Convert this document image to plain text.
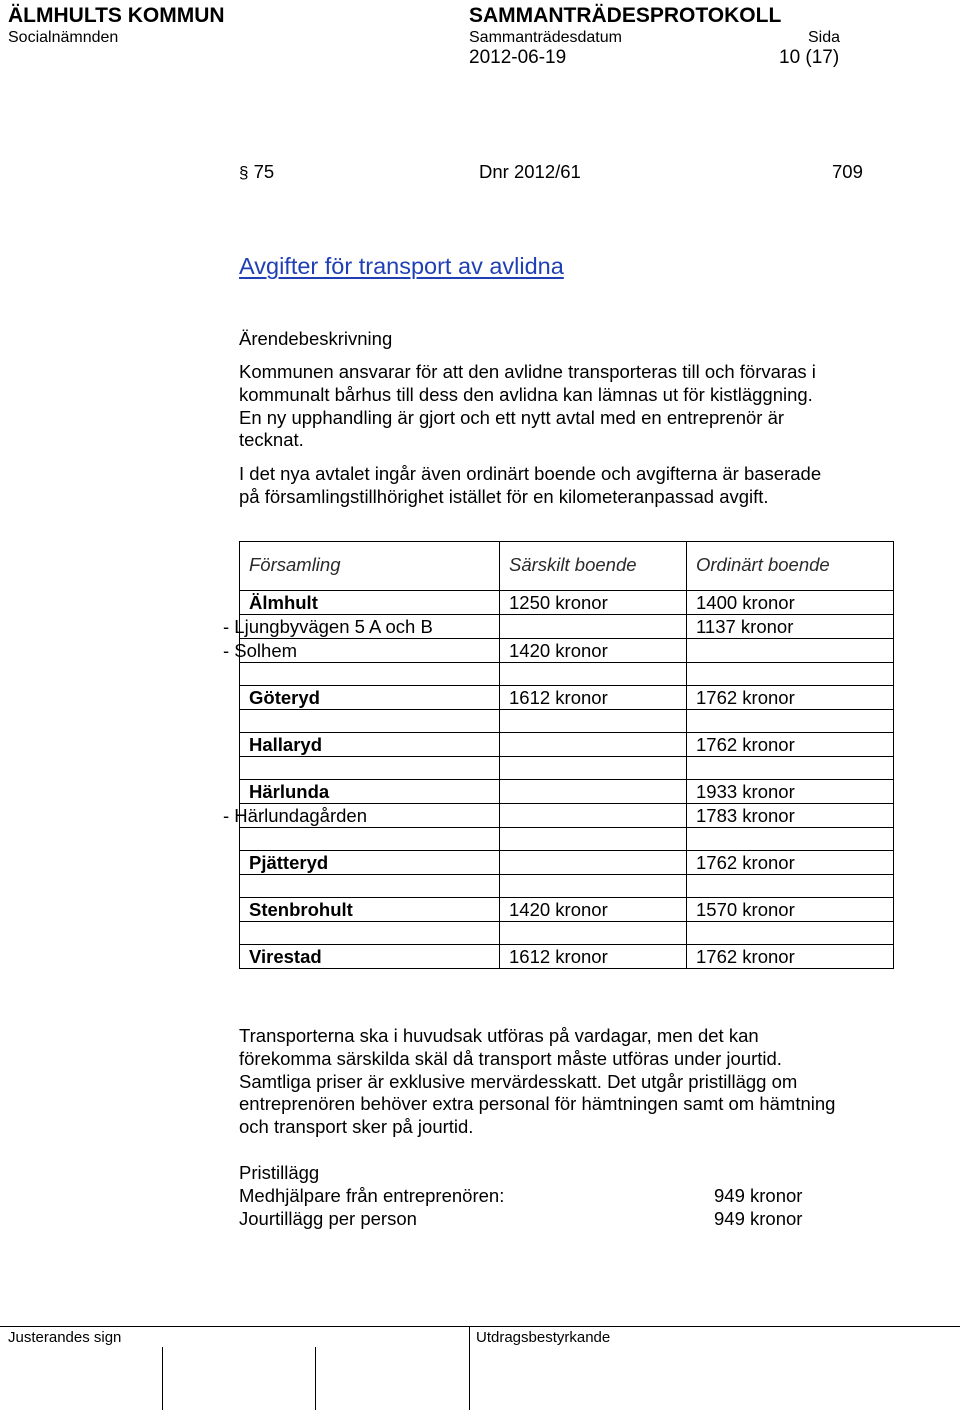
ÄLMHULTS KOMMUN
Socialnämnden
SAMMANTRÄDESPROTOKOLL
Sammanträdesdatum
2012-06-19
Sida
10 (17)
§ 75	Dnr 2012/61	709
Avgifter för transport av avlidna
Ärendebeskrivning
Kommunen ansvarar för att den avlidne transporteras till och förvaras i
kommunalt bårhus till dess den avlidna kan lämnas ut för kistläggning.
En ny upphandling är gjort och ett nytt avtal med en entreprenör är
tecknat.
I det nya avtalet ingår även ordinärt boende och avgifterna är baserade
på församlingstillhörighet istället för en kilometeranpassad avgift.
Församling	Särskilt boende	Ordinärt boende
Älmhult	1250 kronor	1400 kronor
- Ljungbyvägen 5 A och B		1137 kronor
- Solhem	1420 kronor	

Göteryd	1612 kronor	1762 kronor

Hallaryd		1762 kronor

Härlunda		1933 kronor
- Härlundagården		1783 kronor

Pjätteryd		1762 kronor

Stenbrohult	1420 kronor	1570 kronor

Virestad	1612 kronor	1762 kronor
Transporterna ska i huvudsak utföras på vardagar, men det kan
förekomma särskilda skäl då transport måste utföras under jourtid.
Samtliga priser är exklusive mervärdesskatt. Det utgår pristillägg om
entreprenören behöver extra personal för hämtningen samt om hämtning
och transport sker på jourtid.
Pristillägg
Medhjälpare från entreprenören:	949 kronor
Jourtillägg per person	949 kronor
Justerandes sign	Utdragsbestyrkande
